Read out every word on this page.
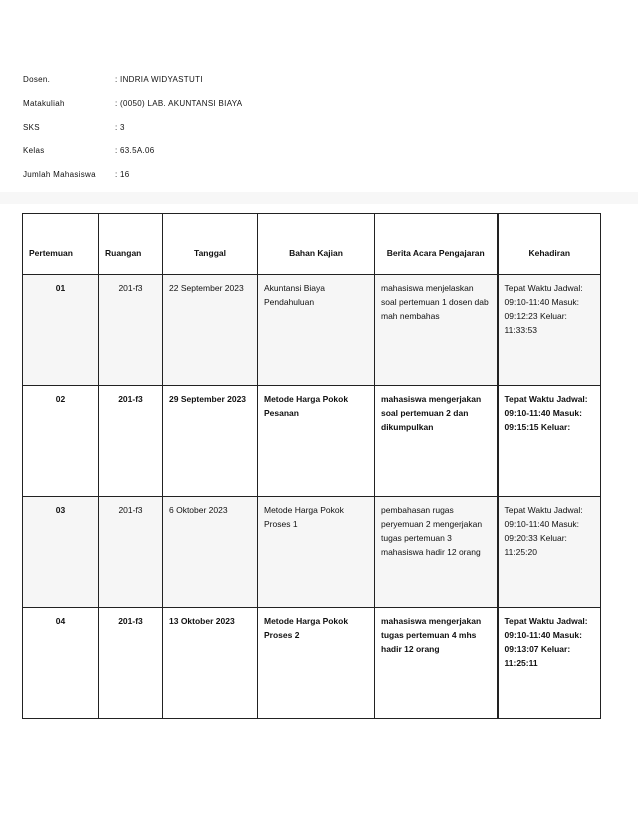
Dosen.	: INDRIA WIDYASTUTI
Matakuliah	: (0050) LAB. AKUNTANSI BIAYA
SKS	: 3
Kelas	: 63.5A.06
Jumlah Mahasiswa	: 16
Pertemuan	Ruangan	Tanggal	Bahan Kajian	Berita Acara Pengajaran	Kehadiran
01	201-f3	22 September 2023	Akuntansi Biaya Pendahuluan	mahasiswa menjelaskan soal pertemuan 1 dosen dab mah nembahas	Tepat Waktu Jadwal: 09:10-11:40 Masuk: 09:12:23 Keluar: 11:33:53
02	201-f3	29 September 2023	Metode Harga Pokok Pesanan	mahasiswa mengerjakan soal pertemuan 2 dan dikumpulkan	Tepat Waktu Jadwal: 09:10-11:40 Masuk: 09:15:15 Keluar:
03	201-f3	6 Oktober 2023	Metode Harga Pokok Proses 1	pembahasan rugas peryemuan 2 mengerjakan tugas pertemuan 3 mahasiswa hadir 12 orang	Tepat Waktu Jadwal: 09:10-11:40 Masuk: 09:20:33 Keluar: 11:25:20
04	201-f3	13 Oktober 2023	Metode Harga Pokok Proses 2	mahasiswa mengerjakan tugas pertemuan 4 mhs hadir 12 orang	Tepat Waktu Jadwal: 09:10-11:40 Masuk: 09:13:07 Keluar: 11:25:11
